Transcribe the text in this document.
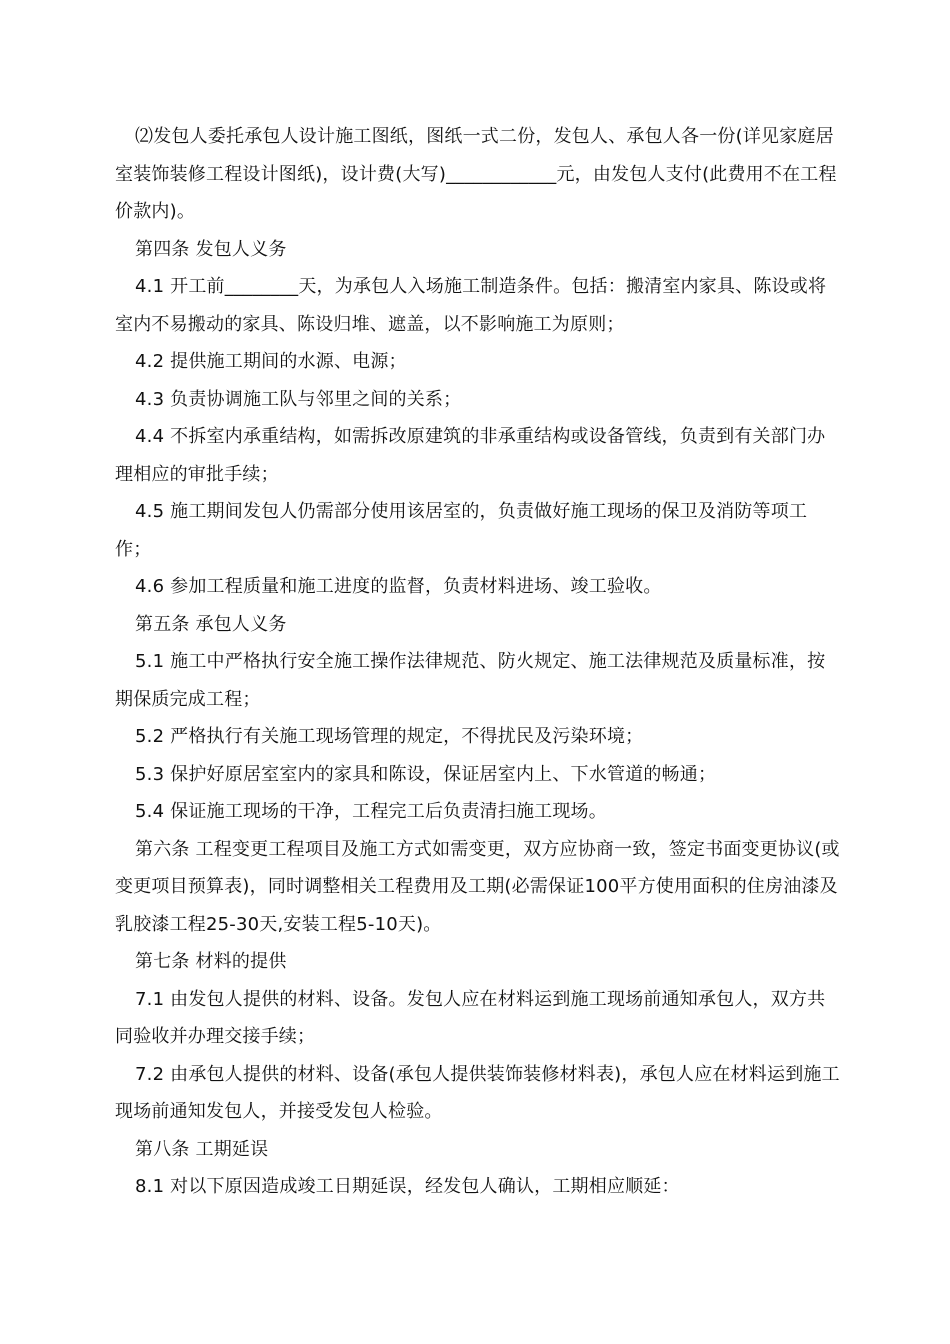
⑵发包人委托承包人设计施工图纸，图纸一式二份，发包人、承包人各一份(详见家庭居室装饰装修工程设计图纸)，设计费(大写)____________元，由发包人支付(此费用不在工程价款内)。

第四条 发包人义务

4.1 开工前________天，为承包人入场施工制造条件。包括：搬清室内家具、陈设或将室内不易搬动的家具、陈设归堆、遮盖，以不影响施工为原则；

4.2 提供施工期间的水源、电源；

4.3 负责协调施工队与邻里之间的关系；

4.4 不拆室内承重结构，如需拆改原建筑的非承重结构或设备管线，负责到有关部门办理相应的审批手续；

4.5 施工期间发包人仍需部分使用该居室的，负责做好施工现场的保卫及消防等项工作；

4.6 参加工程质量和施工进度的监督，负责材料进场、竣工验收。

第五条 承包人义务

5.1 施工中严格执行安全施工操作法律规范、防火规定、施工法律规范及质量标准，按期保质完成工程；

5.2 严格执行有关施工现场管理的规定，不得扰民及污染环境；

5.3 保护好原居室室内的家具和陈设，保证居室内上、下水管道的畅通；

5.4 保证施工现场的干净，工程完工后负责清扫施工现场。

第六条 工程变更工程项目及施工方式如需变更，双方应协商一致，签定书面变更协议(或变更项目预算表)，同时调整相关工程费用及工期(必需保证100平方使用面积的住房油漆及乳胶漆工程25-30天,安装工程5-10天)。

第七条 材料的提供

7.1 由发包人提供的材料、设备。发包人应在材料运到施工现场前通知承包人，双方共同验收并办理交接手续；

7.2 由承包人提供的材料、设备(承包人提供装饰装修材料表)，承包人应在材料运到施工现场前通知发包人，并接受发包人检验。

第八条 工期延误

8.1 对以下原因造成竣工日期延误，经发包人确认，工期相应顺延：
